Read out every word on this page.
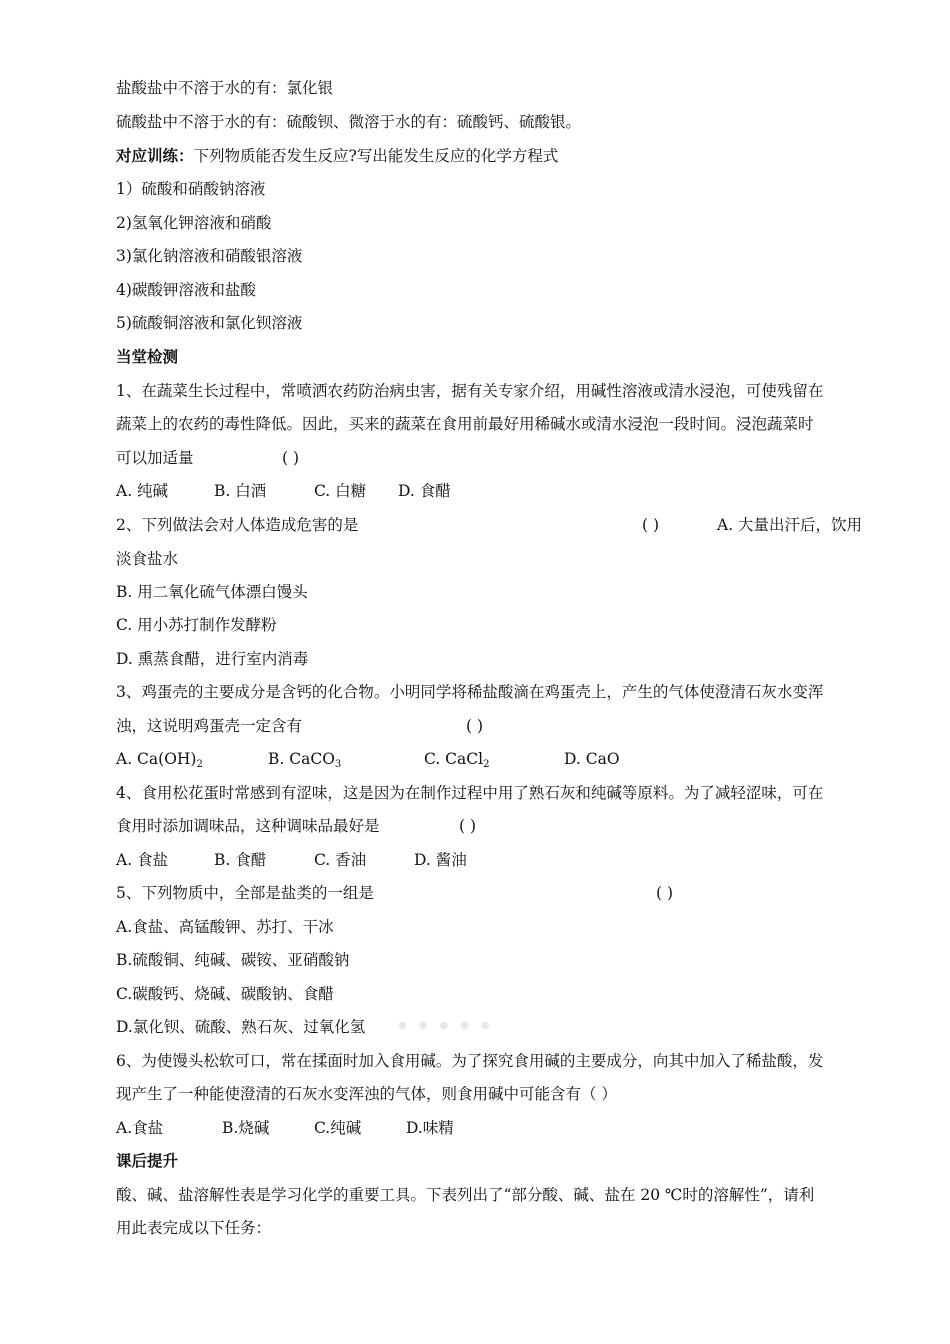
盐酸盐中不溶于水的有：氯化银
硫酸盐中不溶于水的有：硫酸钡、微溶于水的有：硫酸钙、硫酸银。
对应训练：下列物质能否发生反应?写出能发生反应的化学方程式
1）硫酸和硝酸钠溶液
2)氢氧化钾溶液和硝酸
3)氯化钠溶液和硝酸银溶液
4)碳酸钾溶液和盐酸
5)硫酸铜溶液和氯化钡溶液
当堂检测
1、在蔬菜生长过程中，常喷洒农药防治病虫害，据有关专家介绍，用碱性溶液或清水浸泡，可使残留在
蔬菜上的农药的毒性降低。因此，买来的蔬菜在食用前最好用稀碱水或清水浸泡一段时间。浸泡蔬菜时
可以加适量	( )
A. 纯碱	B. 白酒	C. 白糖 D. 食醋
2、下列做法会对人体造成危害的是	( )	A. 大量出汗后，饮用
淡食盐水
B. 用二氧化硫气体漂白馒头
C. 用小苏打制作发酵粉
D. 熏蒸食醋，进行室内消毒
3、鸡蛋壳的主要成分是含钙的化合物。小明同学将稀盐酸滴在鸡蛋壳上，产生的气体使澄清石灰水变浑
浊，这说明鸡蛋壳一定含有	( )
A. $Ca(OH)_2$	B. CaCO$_3$	C. CaCl$_2$	D. CaO
4、食用松花蛋时常感到有涩味，这是因为在制作过程中用了熟石灰和纯碱等原料。为了减轻涩味，可在
食用时添加调味品，这种调味品最好是	( )
A. 食盐	B. 食醋	C. 香油	D. 酱油
5、下列物质中，全部是盐类的一组是	( )
A.食盐、高锰酸钾、苏打、干冰
B.硫酸铜、纯碱、碳铵、亚硝酸钠
C.碳酸钙、烧碱、碳酸钠、食醋
D.氯化钡、硫酸、熟石灰、过氧化氢	●●●●●
6、为使馒头松软可口，常在揉面时加入食用碱。为了探究食用碱的主要成分，向其中加入了稀盐酸，发
现产生了一种能使澄清的石灰水变浑浊的气体，则食用碱中可能含有（ ）
A.食盐	B.烧碱	C.纯碱	D.味精
课后提升
酸、碱、盐溶解性表是学习化学的重要工具。下表列出了“部分酸、碱、盐在 20 ℃时的溶解性”，请利
用此表完成以下任务：
